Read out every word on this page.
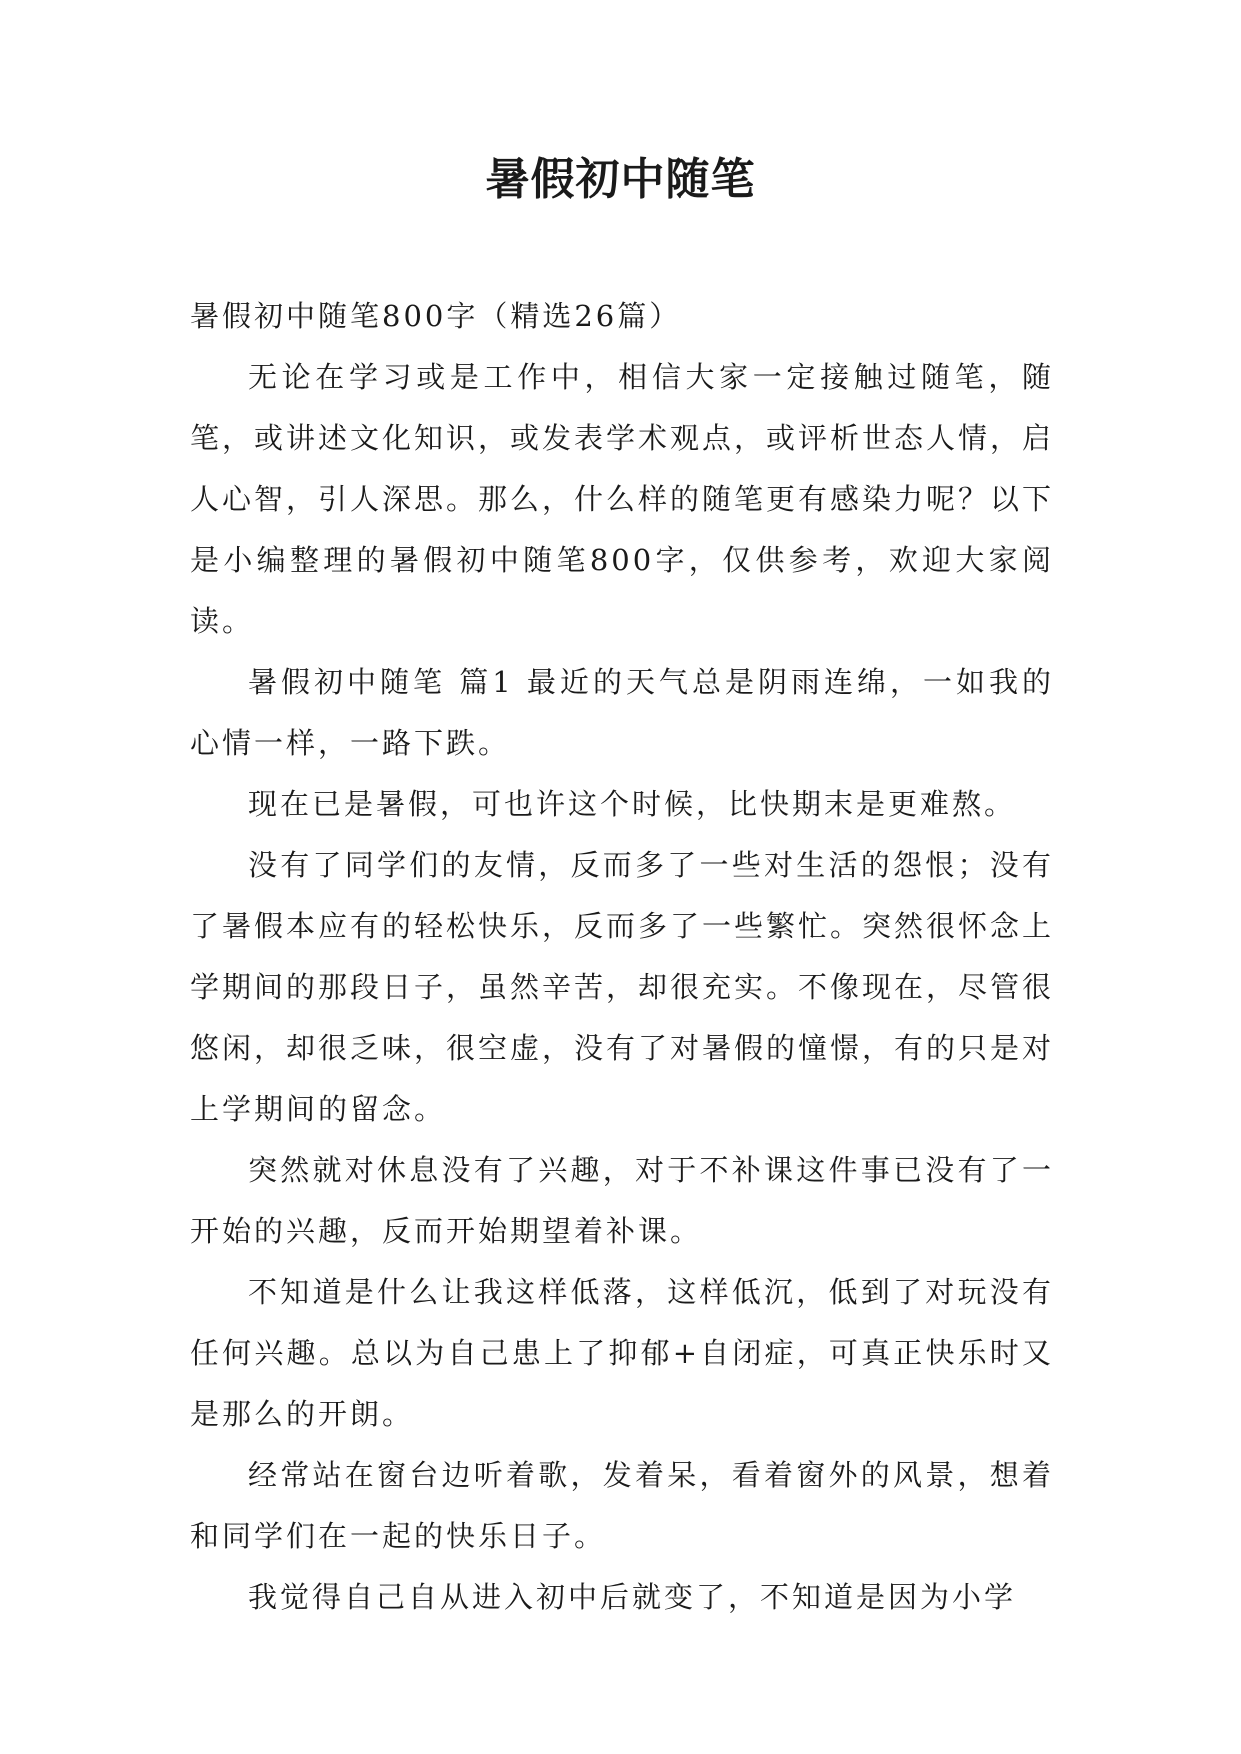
暑假初中随笔

暑假初中随笔800字（精选26篇）

无论在学习或是工作中，相信大家一定接触过随笔，随笔，或讲述文化知识，或发表学术观点，或评析世态人情，启人心智，引人深思。那么，什么样的随笔更有感染力呢？以下是小编整理的暑假初中随笔800字，仅供参考，欢迎大家阅读。

暑假初中随笔 篇1 最近的天气总是阴雨连绵，一如我的心情一样，一路下跌。

现在已是暑假，可也许这个时候，比快期末是更难熬。

没有了同学们的友情，反而多了一些对生活的怨恨；没有了暑假本应有的轻松快乐，反而多了一些繁忙。突然很怀念上学期间的那段日子，虽然辛苦，却很充实。不像现在，尽管很悠闲，却很乏味，很空虚，没有了对暑假的憧憬，有的只是对上学期间的留念。

突然就对休息没有了兴趣，对于不补课这件事已没有了一开始的兴趣，反而开始期望着补课。

不知道是什么让我这样低落，这样低沉，低到了对玩没有任何兴趣。总以为自己患上了抑郁+自闭症，可真正快乐时又是那么的开朗。

经常站在窗台边听着歌，发着呆，看着窗外的风景，想着和同学们在一起的快乐日子。

我觉得自己自从进入初中后就变了，不知道是因为小学
